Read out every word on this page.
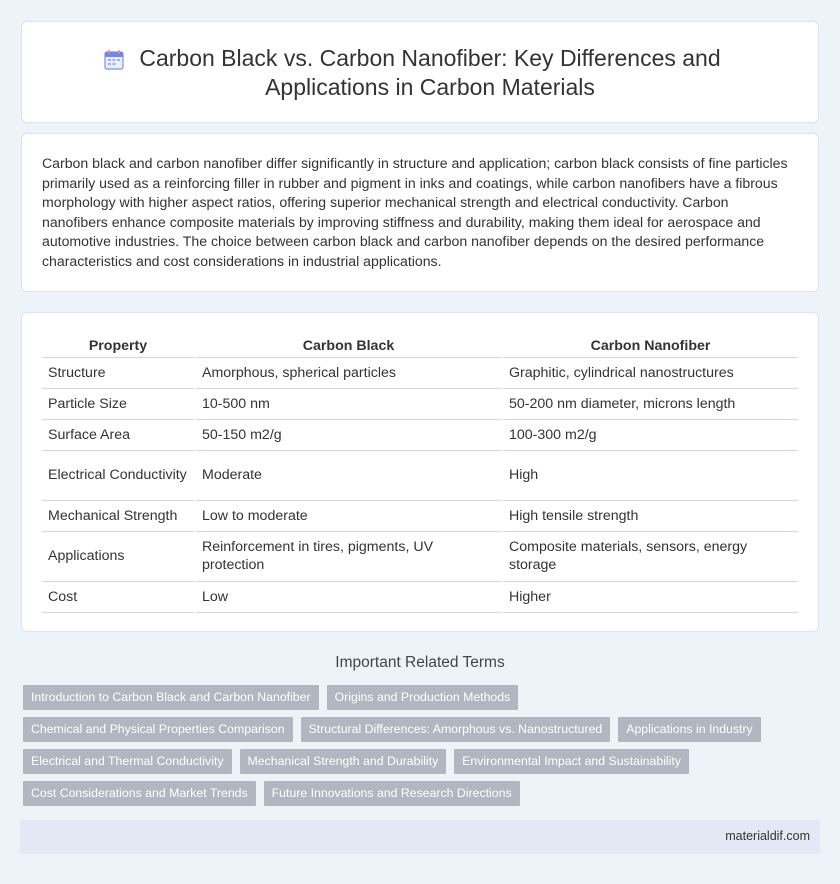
Carbon Black vs. Carbon Nanofiber: Key Differences and Applications in Carbon Materials

Carbon black and carbon nanofiber differ significantly in structure and application; carbon black consists of fine particles primarily used as a reinforcing filler in rubber and pigment in inks and coatings, while carbon nanofibers have a fibrous morphology with higher aspect ratios, offering superior mechanical strength and electrical conductivity. Carbon nanofibers enhance composite materials by improving stiffness and durability, making them ideal for aerospace and automotive industries. The choice between carbon black and carbon nanofiber depends on the desired performance characteristics and cost considerations in industrial applications.

Property	Carbon Black	Carbon Nanofiber
Structure	Amorphous, spherical particles	Graphitic, cylindrical nanostructures
Particle Size	10-500 nm	50-200 nm diameter, microns length
Surface Area	50-150 m2/g	100-300 m2/g
Electrical Conductivity	Moderate	High
Mechanical Strength	Low to moderate	High tensile strength
Applications	Reinforcement in tires, pigments, UV protection	Composite materials, sensors, energy storage
Cost	Low	Higher
Important Related Terms
Introduction to Carbon Black and Carbon Nanofiber	Origins and Production Methods
Chemical and Physical Properties Comparison	Structural Differences: Amorphous vs. Nanostructured	Applications in Industry
Electrical and Thermal Conductivity	Mechanical Strength and Durability	Environmental Impact and Sustainability
Cost Considerations and Market Trends	Future Innovations and Research Directions
materialdif.com
